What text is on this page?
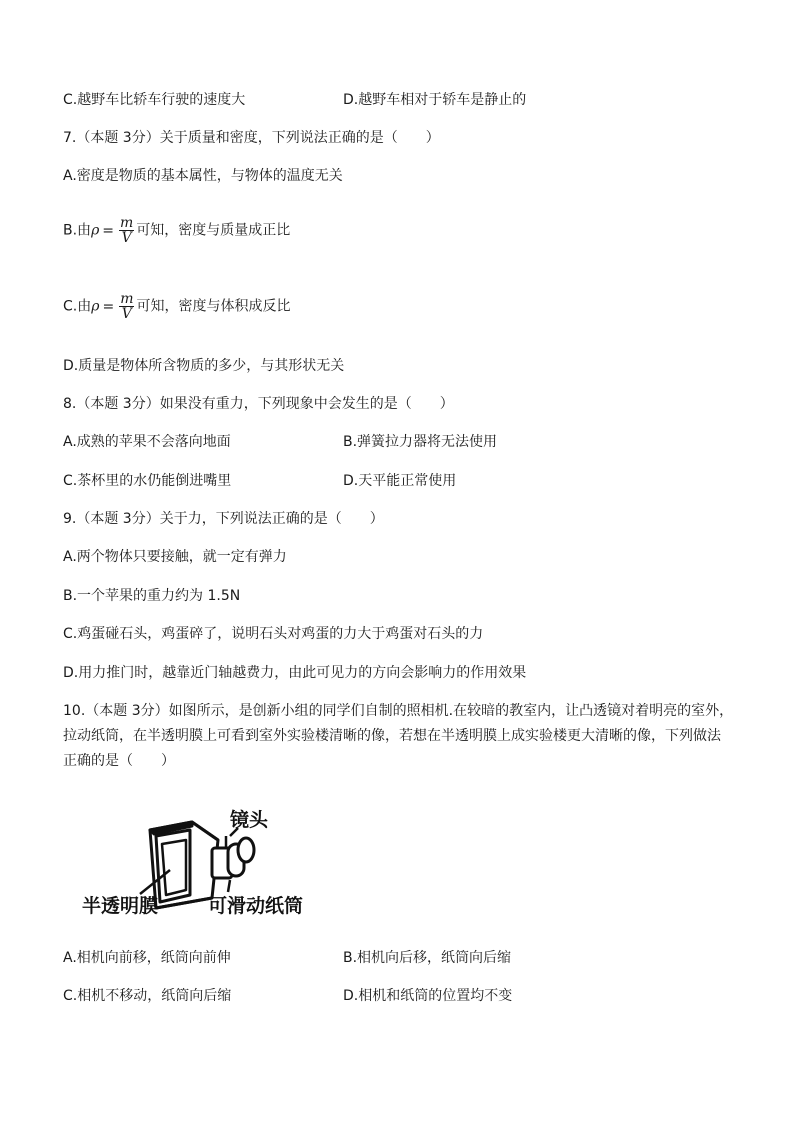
C.越野车比轿车行驶的速度大	D.越野车相对于轿车是静止的
7.（本题 3分）关于质量和密度，下列说法正确的是（　　）
A.密度是物质的基本属性，与物体的温度无关
B.由$\rho = \frac{m}{V}$ 可知，密度与质量成正比
C.由$\rho = \frac{m}{V}$ 可知，密度与体积成反比
D.质量是物体所含物质的多少，与其形状无关
8.（本题 3分）如果没有重力，下列现象中会发生的是（　　）
A.成熟的苹果不会落向地面	B.弹簧拉力器将无法使用
C.茶杯里的水仍能倒进嘴里	D.天平能正常使用
9.（本题 3分）关于力，下列说法正确的是（　　）
A.两个物体只要接触，就一定有弹力
B.一个苹果的重力约为 1.5N
C.鸡蛋碰石头，鸡蛋碎了，说明石头对鸡蛋的力大于鸡蛋对石头的力
D.用力推门时，越靠近门轴越费力，由此可见力的方向会影响力的作用效果
10.（本题 3分）如图所示，是创新小组的同学们自制的照相机.在较暗的教室内，让凸透镜对着明亮的室外，
拉动纸筒，在半透明膜上可看到室外实验楼清晰的像，若想在半透明膜上成实验楼更大清晰的像，下列做法
正确的是（　　）
镜头
半透明膜	可滑动纸筒
A.相机向前移，纸筒向前伸	B.相机向后移，纸筒向后缩
C.相机不移动，纸筒向后缩	D.相机和纸筒的位置均不变
